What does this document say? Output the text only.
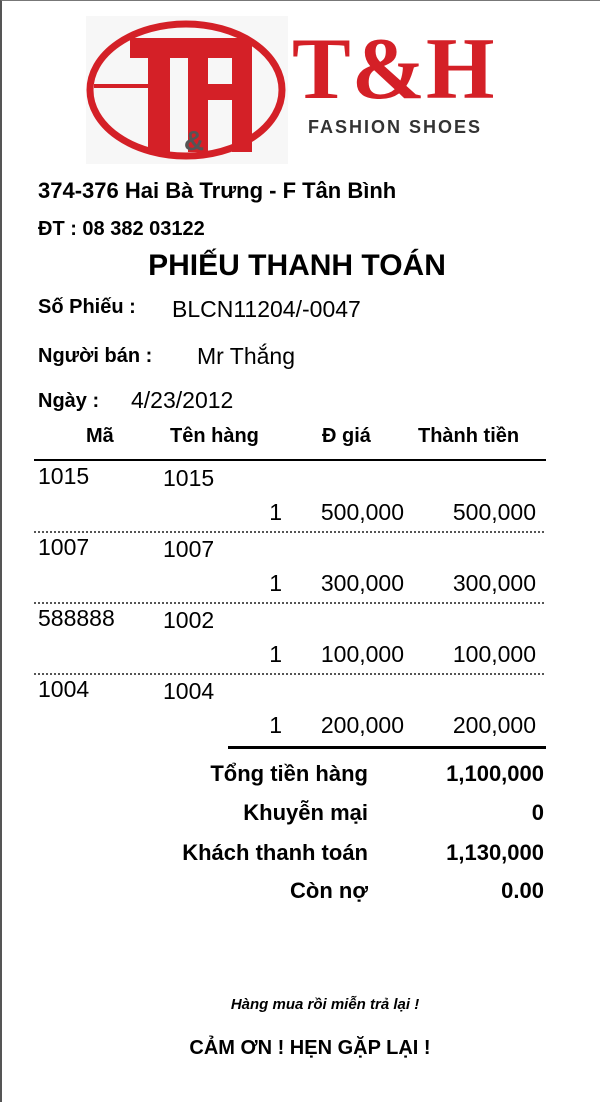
&
T&H
FASHION SHOES
374-376 Hai Bà Trưng - F Tân Bình
ĐT : 08 382 03122
PHIẾU THANH TOÁN
Số Phiếu : BLCN11204/-0047
Người bán : Mr Thắng
Ngày : 4/23/2012
Mã	Tên hàng	Đ giá Thành tiền
1015	1015
1	500,000	500,000
1007	1007
1	300,000	300,000
588888 1002
1	100,000	100,000
1004	1004
1	200,000	200,000
Tổng tiền hàng	1,100,000
Khuyễn mại	0
Khách thanh toán	1,130,000
Còn nợ	0.00
Hàng mua rồi miễn trả lại !
CẢM ƠN ! HẸN GẶP LẠI !
